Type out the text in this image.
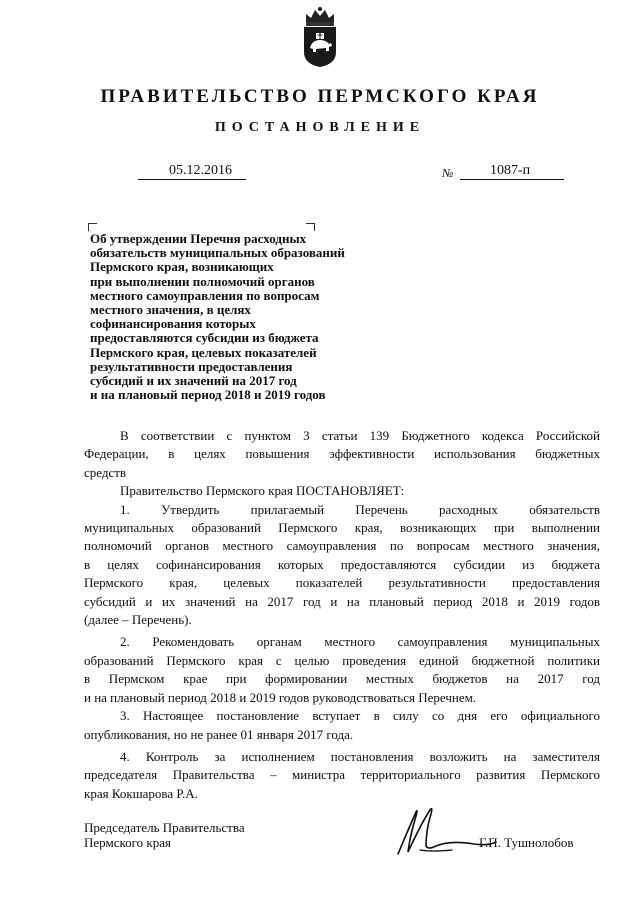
ПРАВИТЕЛЬСТВО ПЕРМСКОГО КРАЯ
ПОСТАНОВЛЕНИЕ
05.12.2016	№	1087-п
Об утверждении Перечня расходных
обязательств муниципальных образований
Пермского края, возникающих
при выполнении полномочий органов
местного самоуправления по вопросам
местного значения, в целях
софинансирования которых
предоставляются субсидии из бюджета
Пермского края, целевых показателей
результативности предоставления
субсидий и их значений на 2017 год
и на плановый период 2018 и 2019 годов
В соответствии с пунктом 3 статьи 139 Бюджетного кодекса Российской
Федерации, в целях повышения эффективности использования бюджетных
средств
Правительство Пермского края ПОСТАНОВЛЯЕТ:
1. Утвердить прилагаемый Перечень расходных обязательств
муниципальных образований Пермского края, возникающих при выполнении
полномочий органов местного самоуправления по вопросам местного значения,
в целях софинансирования которых предоставляются субсидии из бюджета
Пермского края, целевых показателей результативности предоставления
субсидий и их значений на 2017 год и на плановый период 2018 и 2019 годов
(далее – Перечень).
2. Рекомендовать органам местного самоуправления муниципальных
образований Пермского края с целью проведения единой бюджетной политики
в Пермском крае при формировании местных бюджетов на 2017 год
и на плановый период 2018 и 2019 годов руководствоваться Перечнем.
3. Настоящее постановление вступает в силу со дня его официального
опубликования, но не ранее 01 января 2017 года.
4. Контроль за исполнением постановления возложить на заместителя
председателя Правительства – министра территориального развития Пермского
края Кокшарова Р.А.
Председатель Правительства
Пермского края	Г.П. Тушнолобов
